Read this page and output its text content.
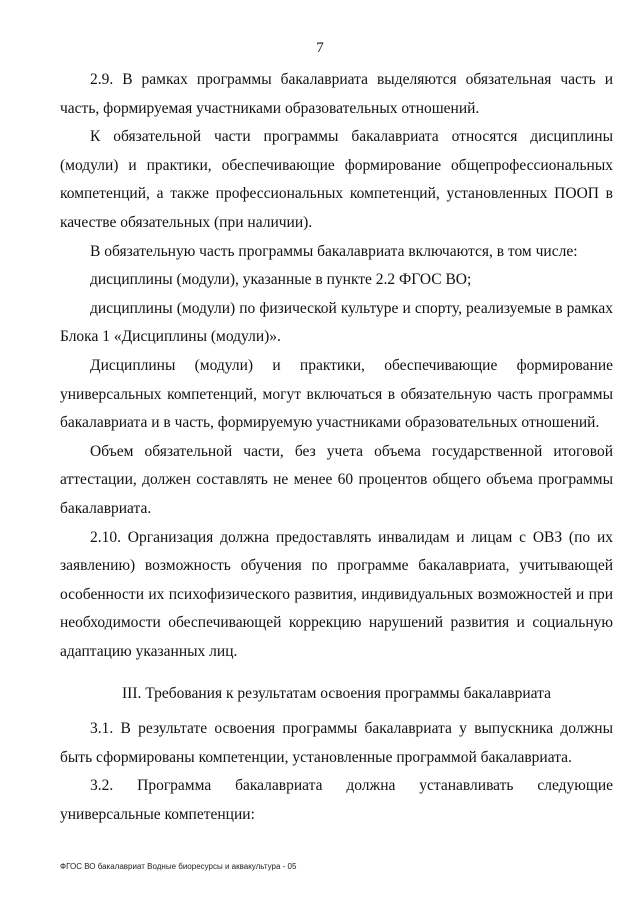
7

2.9. В рамках программы бакалавриата выделяются обязательная часть и часть, формируемая участниками образовательных отношений.

К обязательной части программы бакалавриата относятся дисциплины (модули) и практики, обеспечивающие формирование общепрофессиональных компетенций, а также профессиональных компетенций, установленных ПООП в качестве обязательных (при наличии).

В обязательную часть программы бакалавриата включаются, в том числе:

дисциплины (модули), указанные в пункте 2.2 ФГОС ВО;

дисциплины (модули) по физической культуре и спорту, реализуемые в рамках Блока 1 «Дисциплины (модули)».

Дисциплины (модули) и практики, обеспечивающие формирование универсальных компетенций, могут включаться в обязательную часть программы бакалавриата и в часть, формируемую участниками образовательных отношений.

Объем обязательной части, без учета объема государственной итоговой аттестации, должен составлять не менее 60 процентов общего объема программы бакалавриата.

2.10. Организация должна предоставлять инвалидам и лицам с ОВЗ (по их заявлению) возможность обучения по программе бакалавриата, учитывающей особенности их психофизического развития, индивидуальных возможностей и при необходимости обеспечивающей коррекцию нарушений развития и социальную адаптацию указанных лиц.

III. Требования к результатам освоения программы бакалавриата

3.1. В результате освоения программы бакалавриата у выпускника должны быть сформированы компетенции, установленные программой бакалавриата.

3.2. Программа бакалавриата должна устанавливать следующие универсальные компетенции:

ФГОС ВО бакалавриат Водные биоресурсы и аквакультура - 05
